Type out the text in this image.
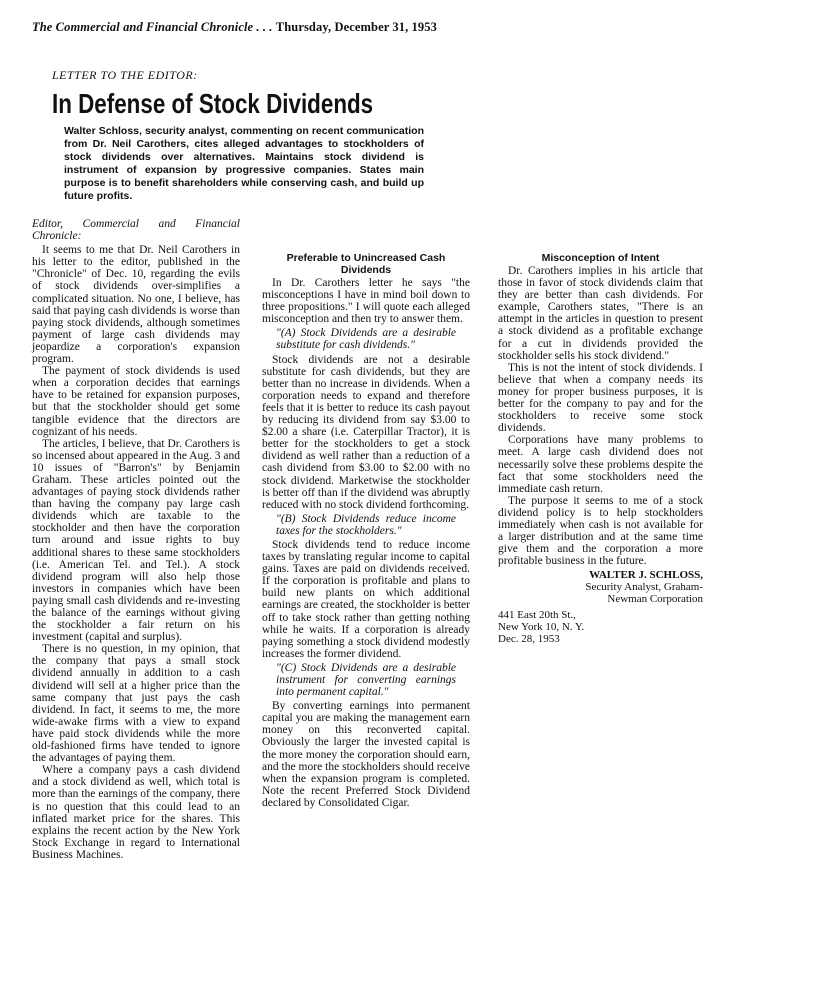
The Commercial and Financial Chronicle . . . Thursday, December 31, 1953
LETTER TO THE EDITOR:
In Defense of Stock Dividends
Walter Schloss, security analyst, commenting on recent communication from Dr. Neil Carothers, cites alleged advantages to stockholders of stock dividends over alternatives. Maintains stock dividend is instrument of expansion by progressive companies. States main purpose is to benefit shareholders while conserving cash, and build up future profits.

Editor, Commercial and Financial Chronicle:

It seems to me that Dr. Neil Carothers in his letter to the editor, published in the "Chronicle" of Dec. 10, regarding the evils of stock dividends over-simplifies a complicated situation. No one, I believe, has said that paying cash dividends is worse than paying stock dividends, although sometimes payment of large cash dividends may jeopardize a corporation's expansion program.

The payment of stock dividends is used when a corporation decides that earnings have to be retained for expansion purposes, but that the stockholder should get some tangible evidence that the directors are cognizant of his needs.

The articles, I believe, that Dr. Carothers is so incensed about appeared in the Aug. 3 and 10 issues of "Barron's" by Benjamin Graham. These articles pointed out the advantages of paying stock dividends rather than having the company pay large cash dividends which are taxable to the stockholder and then have the corporation turn around and issue rights to buy additional shares to these same stockholders (i.e. American Tel. and Tel.). A stock dividend program will also help those investors in companies which have been paying small cash dividends and re-investing the balance of the earnings without giving the stockholder a fair return on his investment (capital and surplus).

There is no question, in my opinion, that the company that pays a small stock dividend annually in addition to a cash dividend will sell at a higher price than the same company that just pays the cash dividend. In fact, it seems to me, the more wide-awake firms with a view to expand have paid stock dividends while the more old-fashioned firms have tended to ignore the advantages of paying them.

Where a company pays a cash dividend and a stock dividend as well, which total is more than the earnings of the company, there is no question that this could lead to an inflated market price for the shares. This explains the recent action by the New York Stock Exchange in regard to International Business Machines.

Preferable to Unincreased Cash Dividends

In Dr. Carothers letter he says "the misconceptions I have in mind boil down to three propositions." I will quote each alleged misconception and then try to answer them.

"(A) Stock Dividends are a desirable substitute for cash dividends."

Stock dividends are not a desirable substitute for cash dividends, but they are better than no increase in dividends. When a corporation needs to expand and therefore feels that it is better to reduce its cash payout by reducing its dividend from say $3.00 to $2.00 a share (i.e. Caterpillar Tractor), it is better for the stockholders to get a stock dividend as well rather than a reduction of a cash dividend from $3.00 to $2.00 with no stock dividend. Marketwise the stockholder is better off than if the dividend was abruptly reduced with no stock dividend forthcoming.

"(B) Stock Dividends reduce income taxes for the stockholders."

Stock dividends tend to reduce income taxes by translating regular income to capital gains. Taxes are paid on dividends received. If the corporation is profitable and plans to build new plants on which additional earnings are created, the stockholder is better off to take stock rather than getting nothing while he waits. If a corporation is already paying something a stock dividend modestly increases the former dividend.

"(C) Stock Dividends are a desirable instrument for converting earnings into permanent capital."

By converting earnings into permanent capital you are making the management earn money on this reconverted capital. Obviously the larger the invested capital is the more money the corporation should earn, and the more the stockholders should receive when the expansion program is completed. Note the recent Preferred Stock Dividend declared by Consolidated Cigar.

Misconception of Intent

Dr. Carothers implies in his article that those in favor of stock dividends claim that they are better than cash dividends. For example, Carothers states, "There is an attempt in the articles in question to present a stock dividend as a profitable exchange for a cut in dividends provided the stockholder sells his stock dividend."

This is not the intent of stock dividends. I believe that when a company needs its money for proper business purposes, it is better for the company to pay and for the stockholders to receive some stock dividends.

Corporations have many problems to meet. A large cash dividend does not necessarily solve these problems despite the fact that some stockholders need the immediate cash return.

The purpose it seems to me of a stock dividend policy is to help stockholders immediately when cash is not available for a larger distribution and at the same time give them and the corporation a more profitable business in the future.

WALTER J. SCHLOSS,
Security Analyst, Graham-
Newman Corporation
441 East 20th St.,
New York 10, N. Y.
Dec. 28, 1953
